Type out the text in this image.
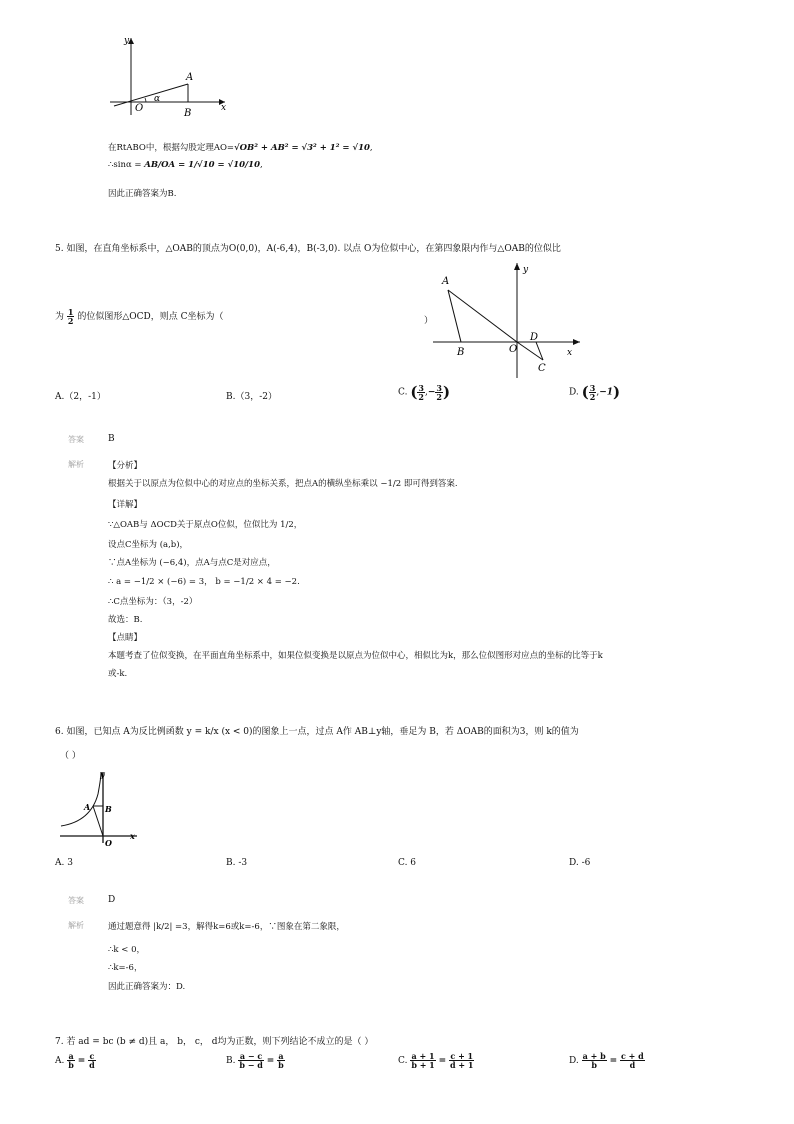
y
x
O
A
B
α
在RtABO中，根据勾股定理AO=√OB² + AB² = √3² + 1² = √10,
∴sinα = AB/OA = 1/√10 = √10/10,
因此正确答案为B.
5. 如图，在直角坐标系中，△OAB的顶点为O(0,0)，A(-6,4)，B(-3,0). 以点 O为位似中心，在第四象限内作与△OAB的位似比
A
B	O
D
C
x
y
为 $\frac{1}{2}$ 的位似图形△OCD，则点 C坐标为（	）
A.（2，-1）	B.（3，-2）	C. ( $\frac{3}{2}$ ,− $\frac{3}{2}$ )	D. ( $\frac{3}{2} ,-1$)
答案	B
解析	【分析】
根据关于以原点为位似中心的对应点的坐标关系，把点A的横纵坐标乘以 −1/2 即可得到答案.
【详解】
∵△OAB与 ΔOCD关于原点O位似，位似比为 1/2，
设点C坐标为 (a,b)，
∵点A坐标为 (−6,4)，点A与点C是对应点，
∴ a = −1/2 × (−6) = 3， b = −1/2 × 4 = −2.
∴C点坐标为：（3，-2）
故选：B.
【点睛】
本题考查了位似变换，在平面直角坐标系中，如果位似变换是以原点为位似中心，相似比为k，那么位似图形对应点的坐标的比等于k
或-k.
6. 如图，已知点 A为反比例函数 y = k/x (x < 0)的图象上一点，过点 A作 AB⊥y轴，垂足为 B，若 ΔOAB的面积为3，则 k的值为
（ ）
y
A B
O
x
A. 3	B. -3	C. 6	D. -6
答案	D
解析	通过题意得 |k/2| =3，解得k=6或k=-6，∵图象在第二象限，
∴k < 0，
∴k=-6，
因此正确答案为：D.
7. 若 ad = bc (b ≠ d)且 a， b， c， d均为正数，则下列结论不成立的是（ ）
A. $\frac{a}{b} = \frac{c}{d}$	B. $\frac{a - c}{b - d} = \frac{a}{b}$	C. $\frac{a + 1}{b + 1} = \frac{c + 1}{d + 1}$	D. $\frac{a + b}{b} = \frac{c + d}{d}$
